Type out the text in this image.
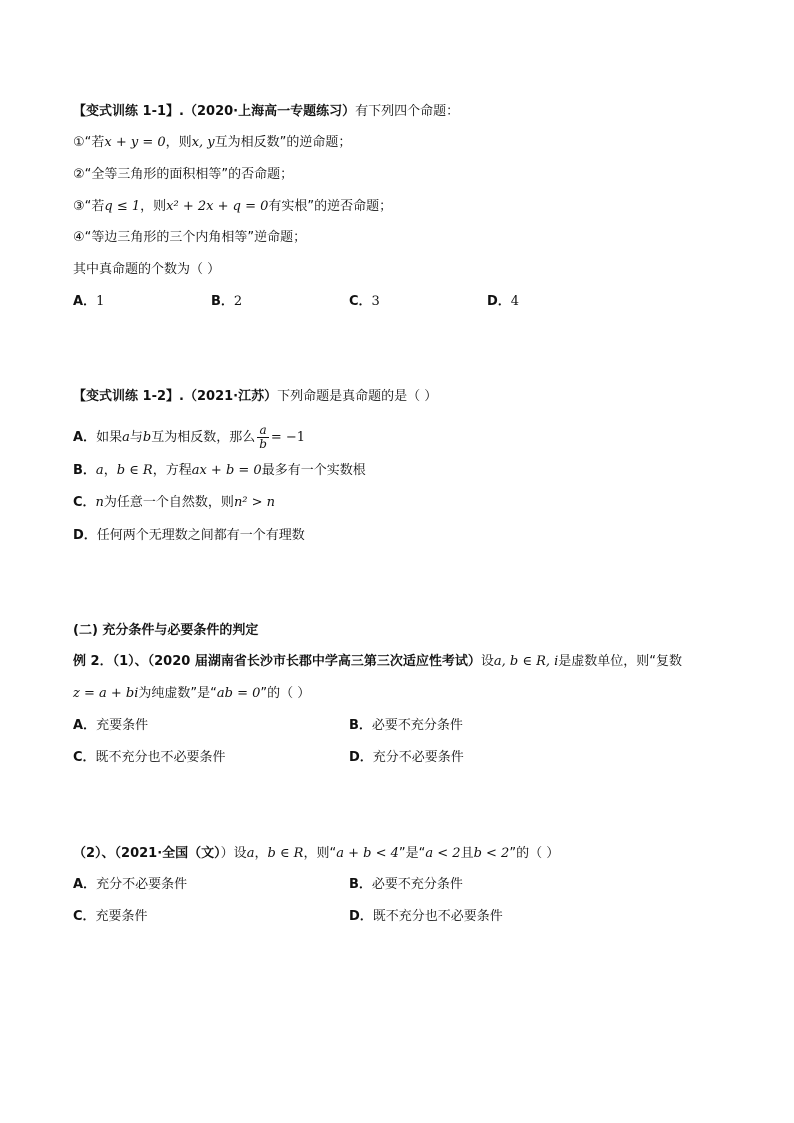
【变式训练 1-1】.（2020·上海高一专题练习）有下列四个命题：
①“若x + y = 0，则x, y互为相反数”的逆命题；
②“全等三角形的面积相等”的否命题；
③“若q ≤ 1，则x² + 2x + q = 0有实根”的逆否命题；
④“等边三角形的三个内角相等”逆命题；
其中真命题的个数为（ ）
A．1	B．2	C．3	D．4
【变式训练 1-2】.（2021·江苏）下列命题是真命题的是（ ）
A．如果a与b互为相反数，那么 $\frac{a}{b} = -1$
B．a，b ∈ R，方程ax + b = 0最多有一个实数根
C．n为任意一个自然数，则n² > n
D．任何两个无理数之间都有一个有理数
(二) 充分条件与必要条件的判定
例 2．（1）、（2020 届湖南省长沙市长郡中学高三第三次适应性考试）设a, b ∈ R, i是虚数单位，则“复数
z = a + bi为纯虚数”是“ab = 0”的（ ）
A．充要条件	B．必要不充分条件
C．既不充分也不必要条件	D．充分不必要条件
（2）、（2021·全国（文））设a，b ∈ R，则“a + b < 4”是“a < 2且b < 2”的（ ）
A．充分不必要条件	B．必要不充分条件
C．充要条件	D．既不充分也不必要条件
